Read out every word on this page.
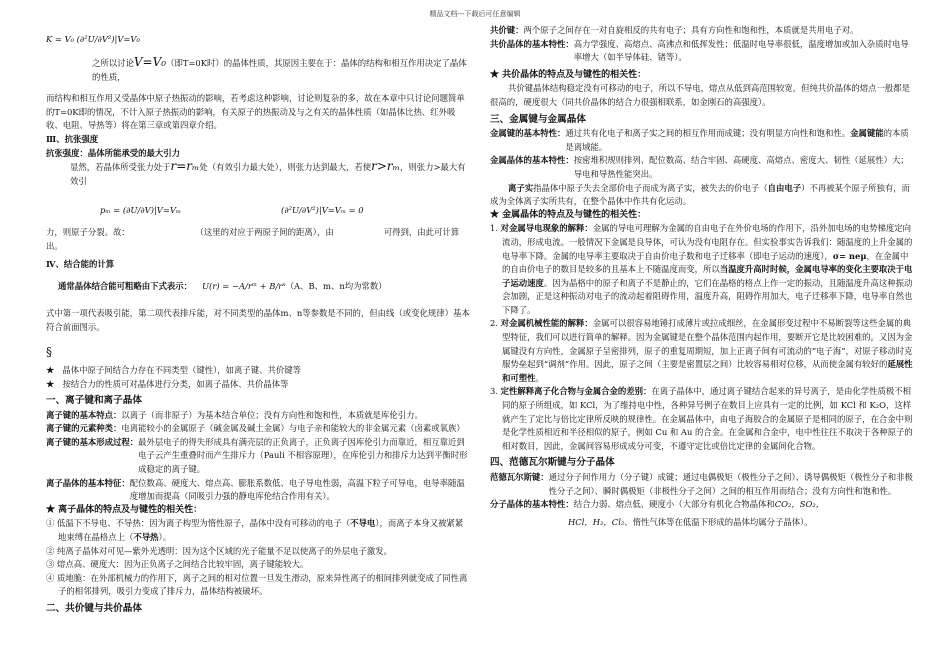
精品文档---下载后可任意编辑
K = V₀ (∂²U/∂V²)|V=V₀

之所以讨论V=V₀（即T=0K时）的晶体性质，其原因主要在于：晶体的结构和相互作用决定了晶体的性质，

而结构和相互作用又受晶体中原子热振动的影响，若考虑这种影响，讨论则复杂的多，故在本章中只讨论问题简单的T=0K即的情况，不计入原子热振动的影响，有关原子的热振动及与之有关的晶体性质（如晶体比热、红外吸收、电阻、导热等）将在第三章或第四章介绍。

Ⅲ、抗张强度

抗张强度：晶体所能承受的最大引力

显然，若晶体所受张力处于r=rₘ处（有效引力最大处），则张力达到最大，若使r>rₘ，则张力>最大有效引

pₘ = (∂U/∂V)|V=Vₘ	(∂²U/∂V²)|V=Vₘ = 0

力，则原子分裂。故：	（这里的对应于两原子间的距离），由	可得到，由此可计算出。

Ⅳ、结合能的计算

通常晶体结合能可粗略由下式表示：	U(r) = −A/rᵐ + B/rⁿ （A、B、m、n均为常数）

式中第一项代表吸引能，第二项代表排斥能，对不同类型的晶体m、n等参数是不同的，但由线（或变化规律）基本符合前面图示。

§

★   晶体中原子间结合力存在不同类型（键性），如离子键、共价键等

★   按结合力的性质可对晶体进行分类，如离子晶体、共价晶体等

一、离子键和离子晶体

离子键的基本特点： 以离子（而非原子）为基本结合单位；没有方向性和饱和性，本质就是库伦引力。
离子键的元素种类： 电离能较小的金属原子（碱金属及碱土金属）与电子亲和能较大的非金属元素（卤素或氧族）
离子键的基本形成过程： 最外层电子的得失形成具有满壳层的正负离子，正负离子因库伦引力而靠近，相互靠近到电子云产生重叠时而产生排斥力（Pauli 不相容原理），在库伦引力和排斥力达到平衡时形成稳定的离子键。
离子晶体的基本特征： 配位数高、硬度大、熔点高、膨胀系数低、电子导电性弱，高温下粒子可导电，电导率随温度增加而提高（同吸引力强的静电库伦结合作用有关）。

★ 离子晶体的特点及与键性的相关性：

① 低温下不导电、不导热：因为离子构型为惰性原子，晶体中没有可移动的电子（不导电），而离子本身又被紧紧地束缚在晶格点上（不导热）。

② 纯离子晶体对可见—紫外光透明：因为这个区域的光子能量不足以使离子的外层电子激发。

③ 熔点高、硬度大：因为正负离子之间结合比较牢固，离子键能较大。

④ 质地脆：在外部机械力的作用下，离子之间的相对位置一旦发生滑动，原来异性离子的相间排列就变成了同性离子的相邻排列，吸引力变成了排斥力，晶体结构被破坏。

二、共价键与共价晶体

共价键： 两个原子之间存在一对自旋相反的共有电子；具有方向性和饱和性，本质就是共用电子对。
共价晶体的基本特性： 高力学强度、高熔点、高沸点和低挥发性；低温时电导率很低，温度增加或加入杂质时电导率增大（如半导体硅、锗等）。

★ 共价晶体的特点及与键性的相关性：

共价键晶体结构稳定没有可移动的电子，所以不导电，熔点从低到高范围较宽，但纯共价晶体的熔点一般都是很高的，硬度很大（同共价晶体的结合力很强相联系，如金刚石的高强度）。

三、金属键与金属晶体

金属键的基本特性： 通过共有化电子和离子实之间的相互作用而成键；没有明显方向性和饱和性。金属键能的本质是离域能。
金属晶体的基本特性： 按密堆积规则排列、配位数高、结合牢固、高硬度、高熔点、密度大、韧性（延展性）大；导电和导热性能突出。

离子实指晶体中原子失去全部价电子而成为离子实，被失去的价电子（自由电子）不再被某个原子所独有，而成为全体离子实所共有，在整个晶体中作共有化运动。

★ 金属晶体的特点及与键性的相关性：

1. 对金属导电现象的解释：金属的导电可理解为金属的自由电子在外价电场的作用下，沿外加电场的电势梯度定向流动，形成电流。一般情况下金属是良导体，可认为没有电阻存在。但实验事实告诉我们：随温度的上升金属的电导率下降。金属的电导率主要取决于自由价电子数和电子迁移率（即电子运动的速度），σ= neμ，在金属中的自由价电子的数目是较多的且基本上不随温度而变，所以当温度升高时时候，金属电导率的变化主要取决于电子运动速度。因为晶格中的原子和离子不是静止的，它们在晶格的格点上作一定的振动，且随温度升高这种振动会加剧，正是这种振动对电子的流动起着阻碍作用，温度升高，阻碍作用加大，电子迁移率下降，电导率自然也下降了。

2. 对金属机械性能的解释：金属可以很容易地锤打成薄片或拉成细丝，在金属形变过程中不易断裂等这些金属的典型特征，我们可以进行简单的解释。因为金属键是在整个晶体范围内起作用，要断开它是比较困难的。又因为金属键没有方向性，金属原子呈密排列，原子的重复周期短，加上正离子间有可流动的“电子海”，对原子移动时克服势垒起到“调剂”作用。因此，原子之间（主要是密置层之间）比较容易相对位移，从而使金属有较好的延展性和可塑性。

3. 定性解释离子化合物与金属合金的差别：在离子晶体中，通过离子键结合起来的异号离子，是由化学性质极不相同的原子所组成，如 KCl，为了维持电中性，各种异号例子在数目上应具有一定的比例，如 KCl 和 K₂O，这样就产生了定比与倍比定律所反映的规律性。在金属晶体中，由电子海胶合的金属原子是相同的原子，在合金中则是化学性质相近和半径相似的原子，例如 Cu 和 Au 的合金。在金属和合金中，电中性往往不取决于各种原子的相对数目，因此，金属间容易形成成分可变，不遵守定比或倍比定律的金属间化合物。

四、范德瓦尔斯键与分子晶体

范德瓦尔斯键： 通过分子间作用力（分子键）成键；通过电偶极矩（极性分子之间）、诱导偶极矩（极性分子和非极性分子之间）、瞬时偶极矩（非极性分子之间）之间的相互作用而结合；没有方向性和饱和性。
分子晶体的基本特性： 结合力弱、熔点低、硬度小（大部分有机化合物晶体和CO₂，SO₂，

HCl，H₂，Cl₂、惰性气体等在低温下形成的晶体均属分子晶体）。
